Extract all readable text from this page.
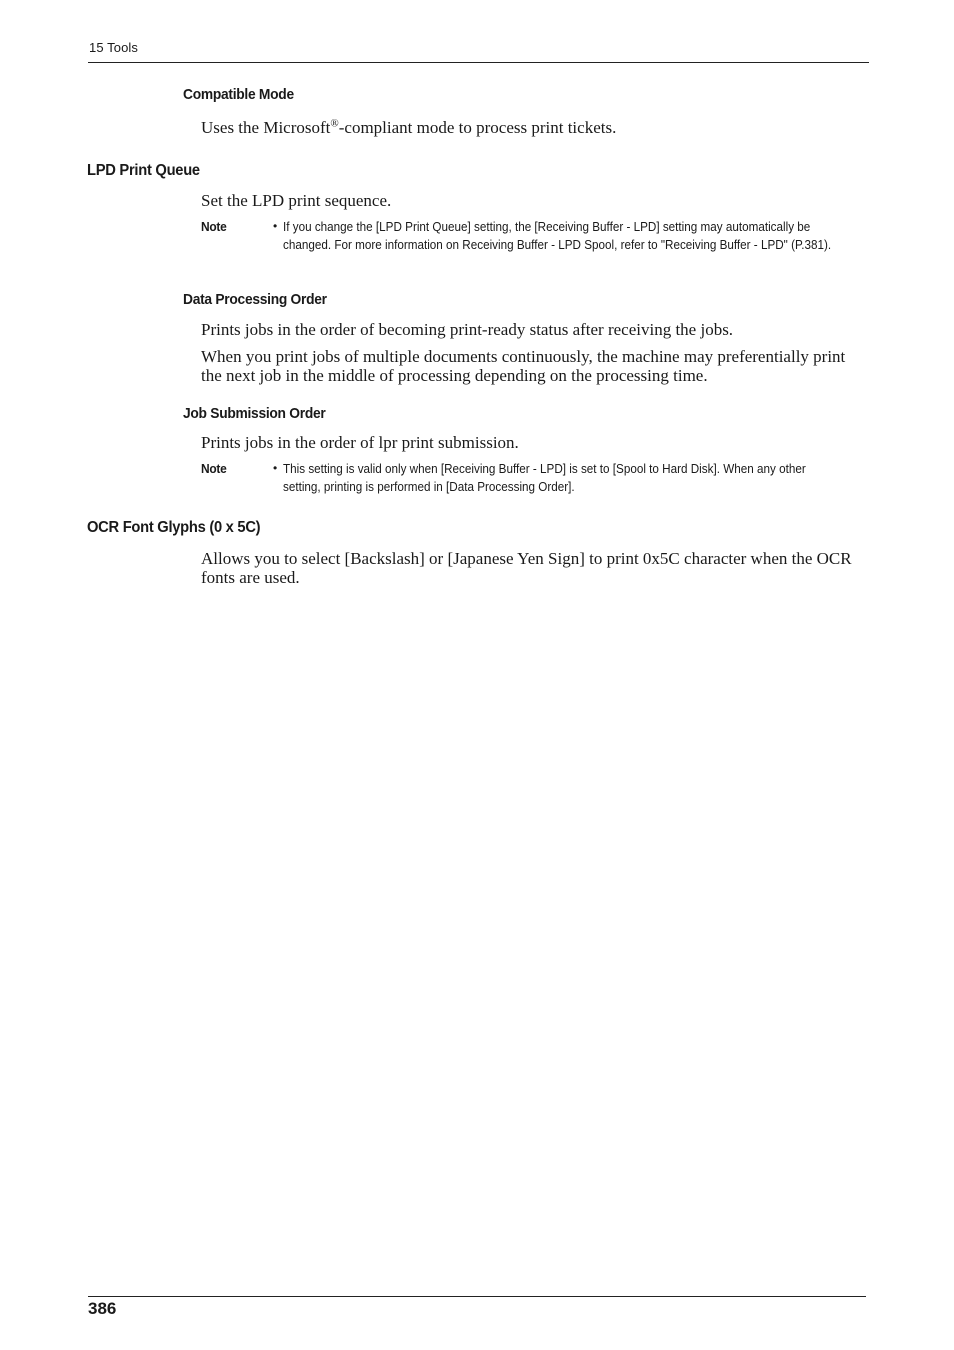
15 Tools
Compatible Mode
Uses the Microsoft®-compliant mode to process print tickets.
LPD Print Queue
Set the LPD print sequence.
Note	• If you change the [LPD Print Queue] setting, the [Receiving Buffer - LPD] setting may automatically be changed. For more information on Receiving Buffer - LPD Spool, refer to "Receiving Buffer - LPD" (P.381).
Data Processing Order
Prints jobs in the order of becoming print-ready status after receiving the jobs.
When you print jobs of multiple documents continuously, the machine may preferentially print the next job in the middle of processing depending on the processing time.
Job Submission Order
Prints jobs in the order of lpr print submission.
Note	• This setting is valid only when [Receiving Buffer - LPD] is set to [Spool to Hard Disk]. When any other setting, printing is performed in [Data Processing Order].
OCR Font Glyphs (0 x 5C)
Allows you to select [Backslash] or [Japanese Yen Sign] to print 0x5C character when the OCR fonts are used.
386
